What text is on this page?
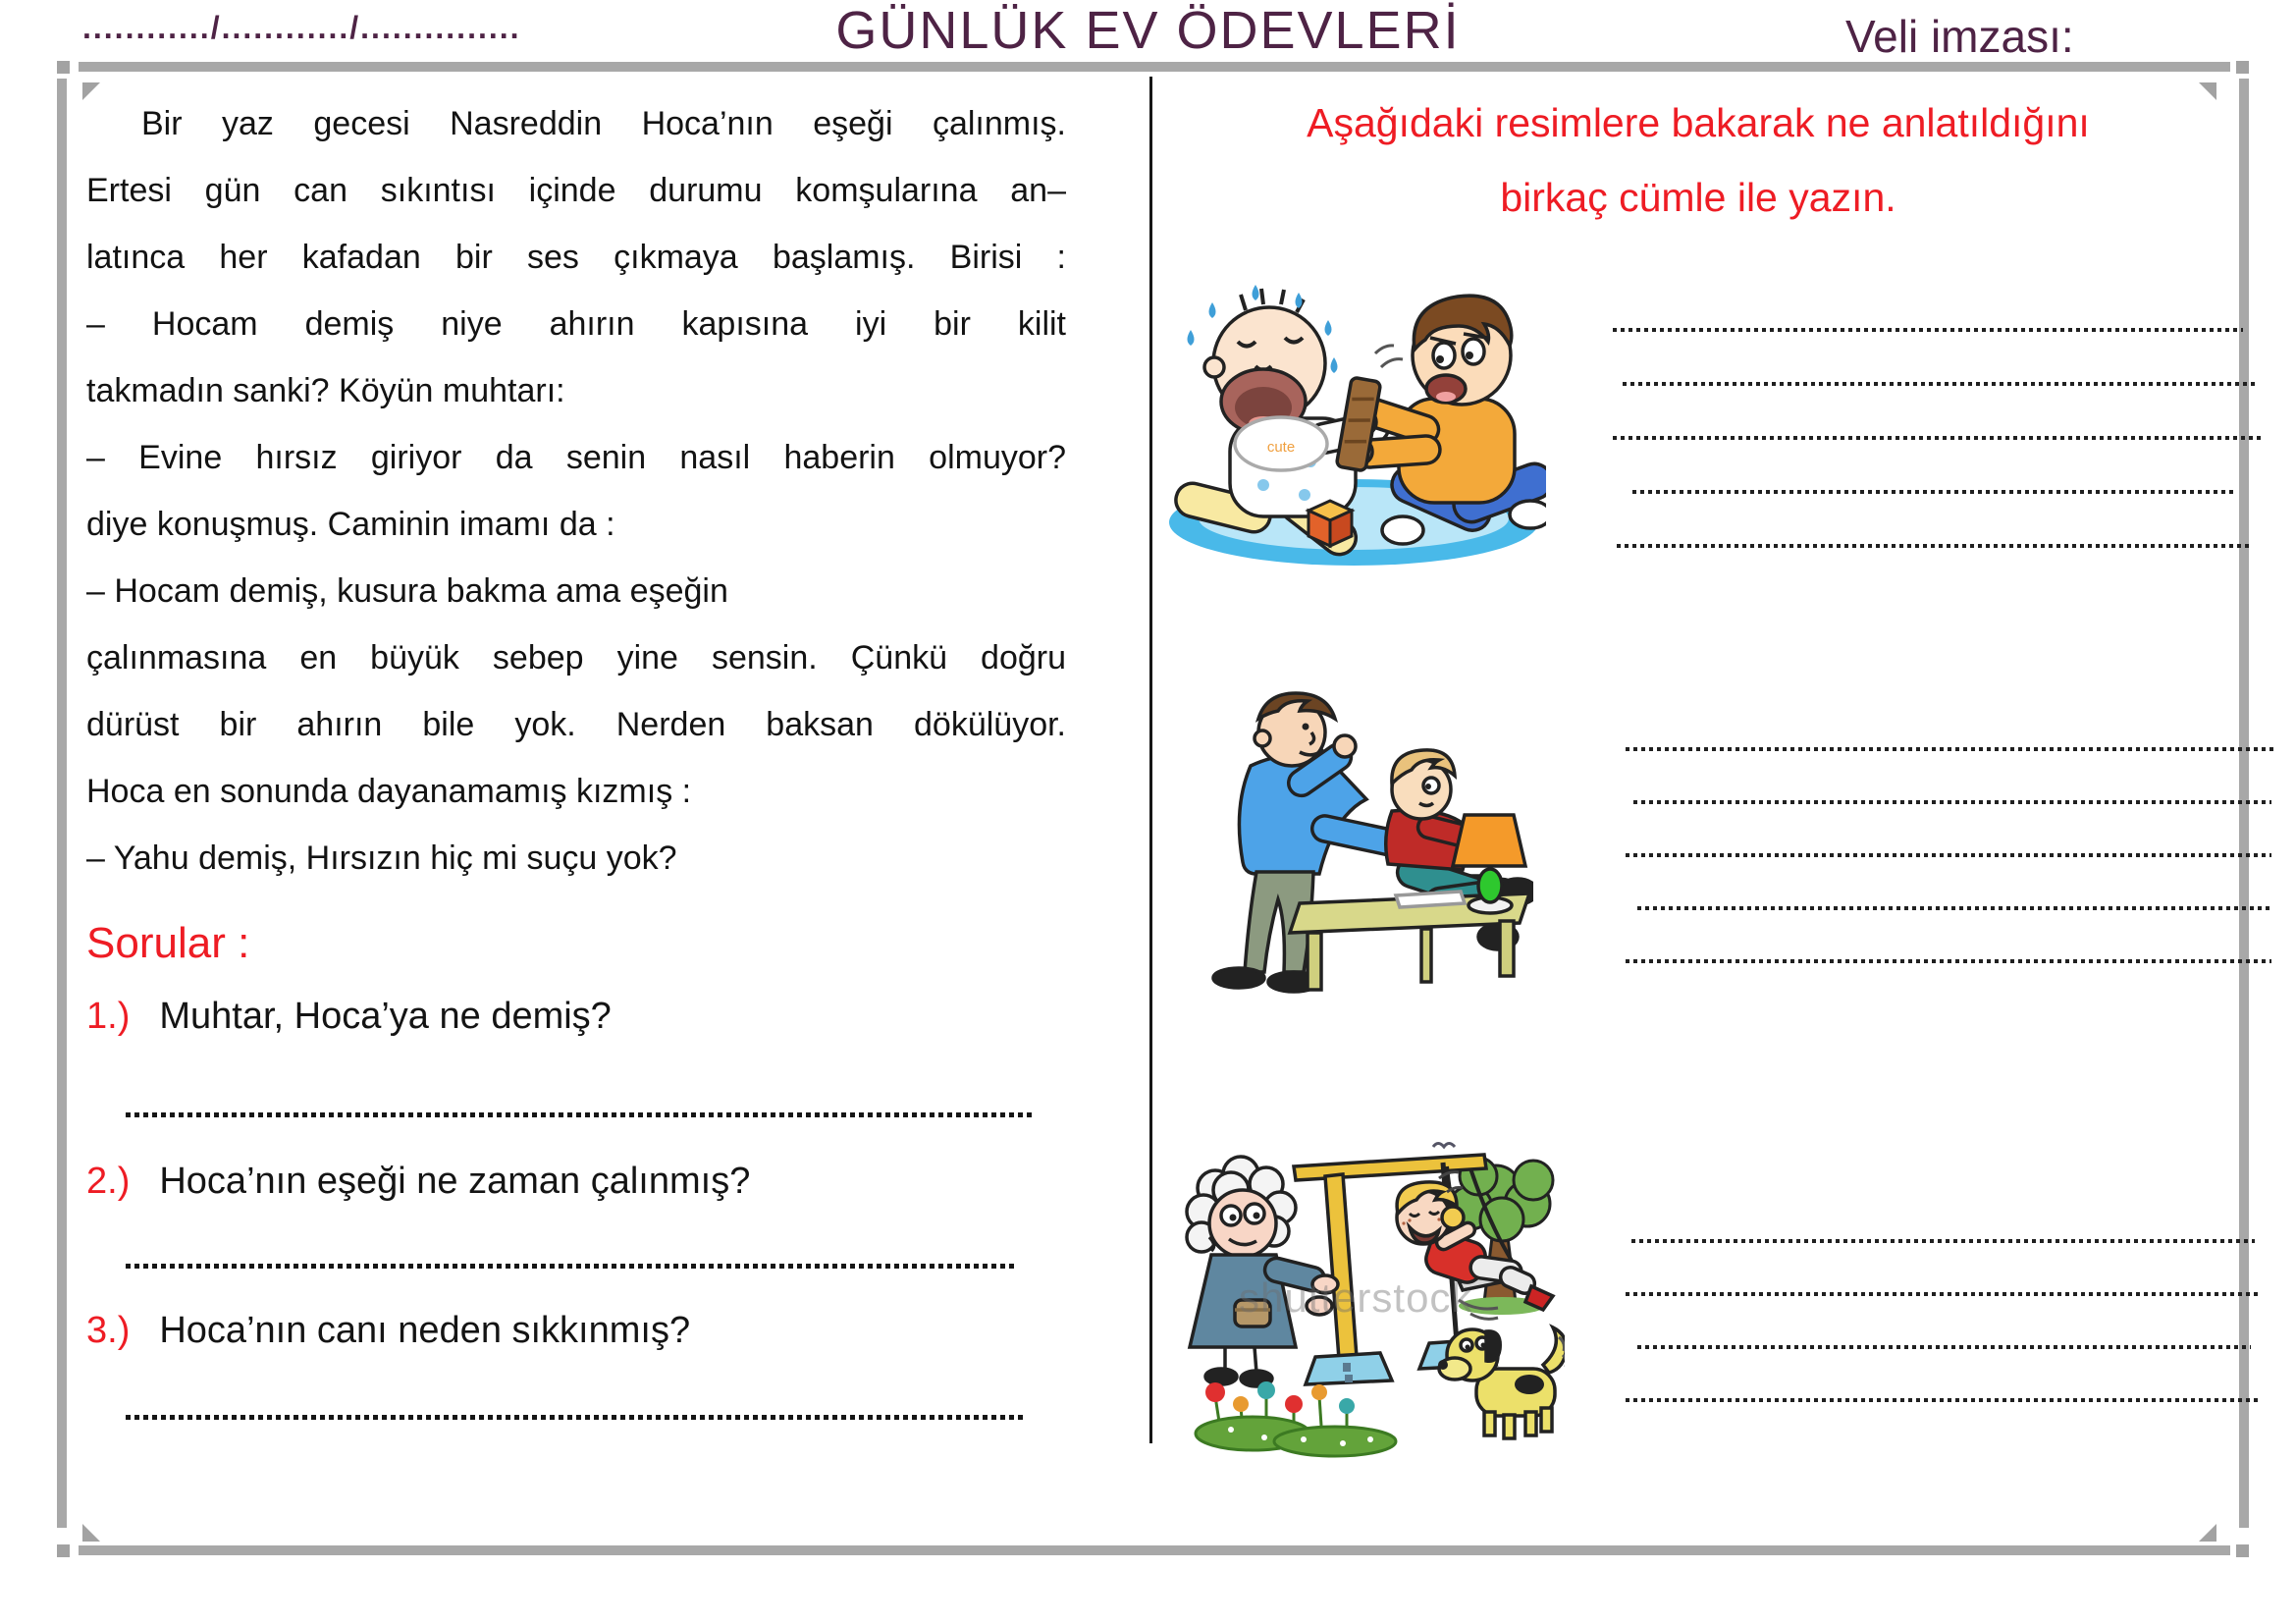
............/............/...............	GÜNLÜK EV ÖDEVLERİ	Veli imzası:
Bir yaz gecesi Nasreddin Hoca’nın eşeği çalınmış.
Ertesi gün can sıkıntısı içinde durumu komşularına an–
latınca her kafadan bir ses çıkmaya başlamış. Birisi :
– Hocam demiş niye ahırın kapısına iyi bir kilit
takmadın sanki? Köyün muhtarı:
– Evine hırsız giriyor da senin nasıl haberin olmuyor?
diye konuşmuş. Caminin imamı da :
– Hocam demiş, kusura bakma ama eşeğin
çalınmasına en büyük sebep yine sensin. Çünkü doğru
dürüst bir ahırın bile yok. Nerden baksan dökülüyor.
Hoca en sonunda dayanamamış kızmış :
– Yahu demiş, Hırsızın hiç mi suçu yok?
Sorular :
1.) Muhtar, Hoca’ya ne demiş?
2.) Hoca’nın eşeği ne zaman çalınmış?
3.) Hoca’nın canı neden sıkkınmış?
Aşağıdaki resimlere bakarak ne anlatıldığını
birkaç cümle ile yazın.
cute
shutterstock
